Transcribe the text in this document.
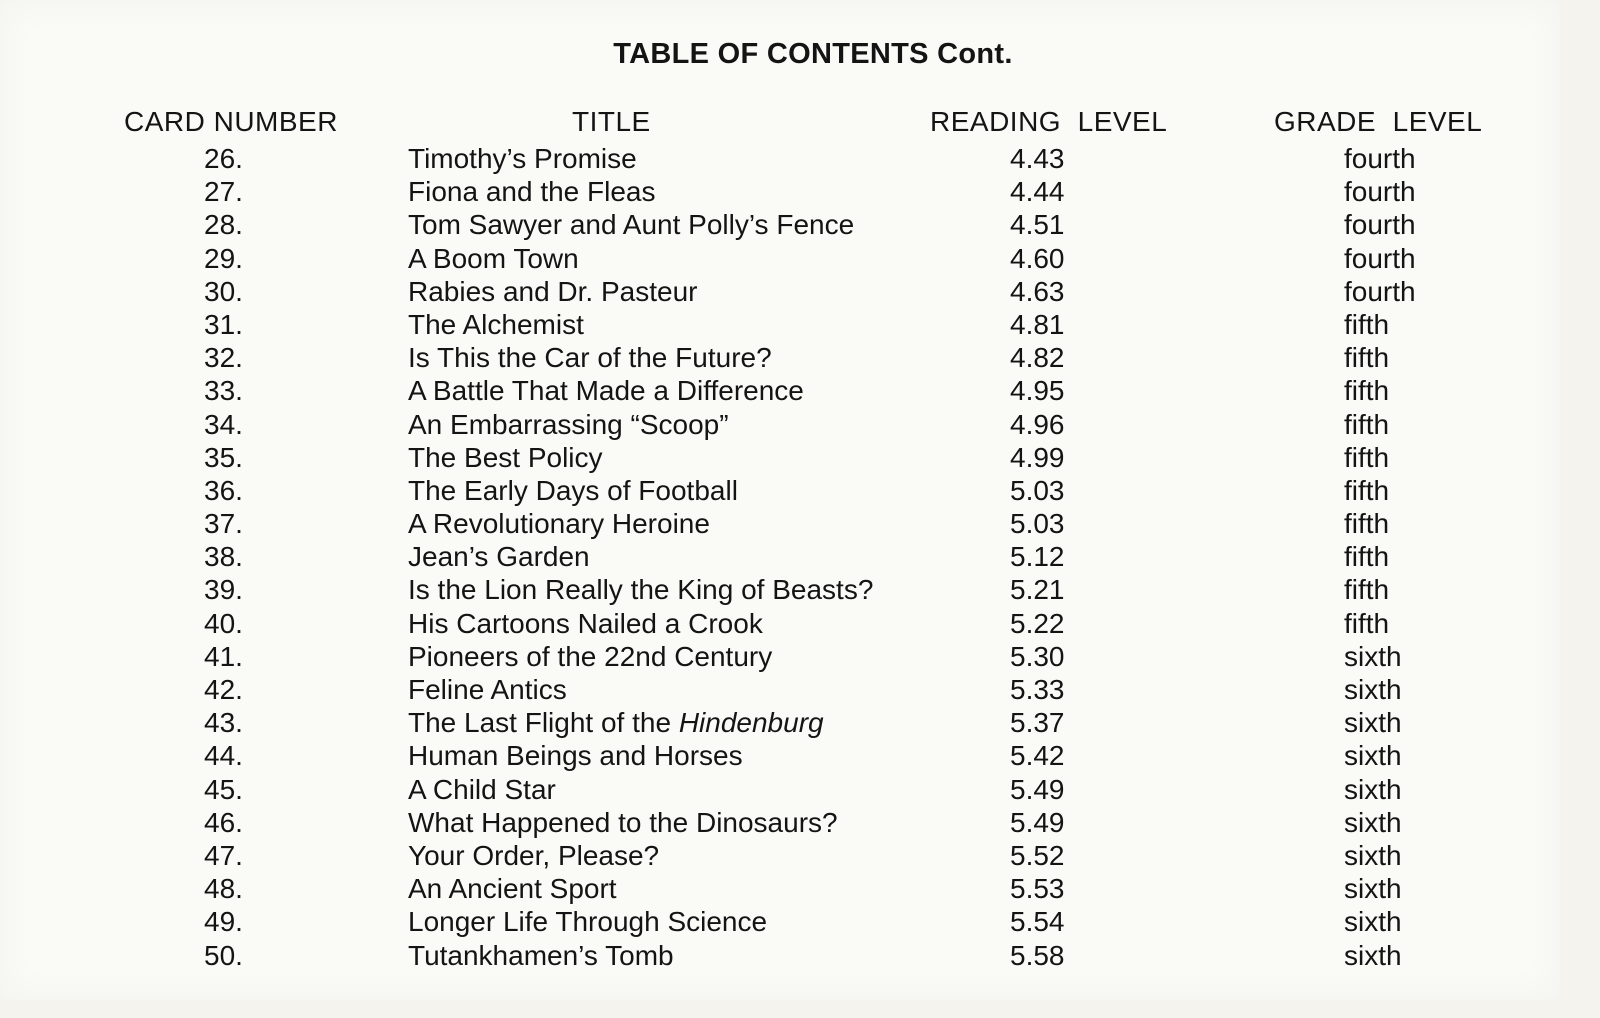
TABLE OF CONTENTS Cont.
CARD NUMBER	TITLE	READING  LEVEL	GRADE  LEVEL
26.	Timothy’s Promise	4.43	fourth
27.	Fiona and the Fleas	4.44	fourth
28.	Tom Sawyer and Aunt Polly’s Fence	4.51	fourth
29.	A Boom Town	4.60	fourth
30.	Rabies and Dr. Pasteur	4.63	fourth
31.	The Alchemist	4.81	fifth
32.	Is This the Car of the Future?	4.82	fifth
33.	A Battle That Made a Difference	4.95	fifth
34.	An Embarrassing “Scoop”	4.96	fifth
35.	The Best Policy	4.99	fifth
36.	The Early Days of Football	5.03	fifth
37.	A Revolutionary Heroine	5.03	fifth
38.	Jean’s Garden	5.12	fifth
39.	Is the Lion Really the King of Beasts?	5.21	fifth
40.	His Cartoons Nailed a Crook	5.22	fifth
41.	Pioneers of the 22nd Century	5.30	sixth
42.	Feline Antics	5.33	sixth
43.	The Last Flight of the Hindenburg	5.37	sixth
44.	Human Beings and Horses	5.42	sixth
45.	A Child Star	5.49	sixth
46.	What Happened to the Dinosaurs?	5.49	sixth
47.	Your Order, Please?	5.52	sixth
48.	An Ancient Sport	5.53	sixth
49.	Longer Life Through Science	5.54	sixth
50.	Tutankhamen’s Tomb	5.58	sixth
